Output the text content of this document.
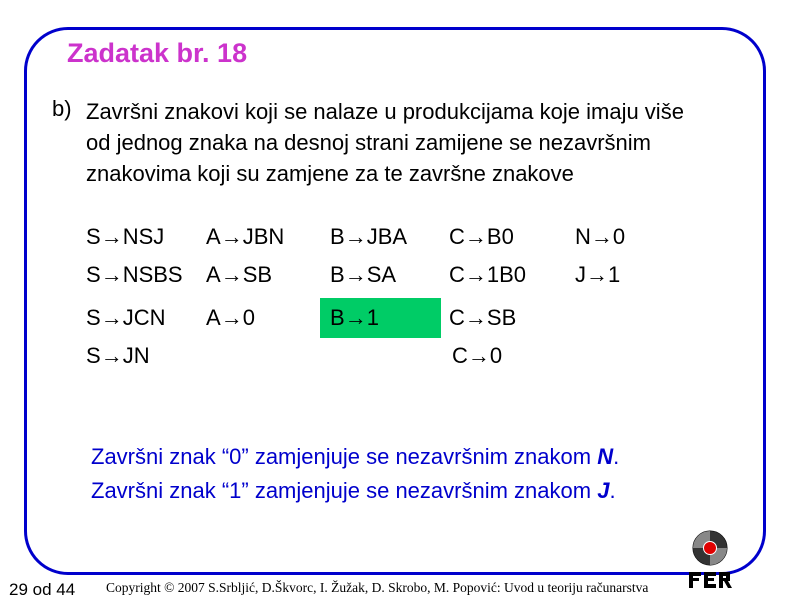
Zadatak br. 18
b) Završni znakovi koji se nalaze u produkcijama koje imaju više
od jednog znaka na desnoj strani zamijene se nezavršnim
znakovima koji su zamjene za te završne znakove
S→NSJ
S→NSBS
S→JCN
S→JN
A→JBN
A→SB
A→0
B→JBA
B→SA
B→1
C→B0
C→1B0
C→SB
C→0
N→0
J→1
Završni znak “0” zamjenjuje se nezavršnim znakom N.
Završni znak “1” zamjenjuje se nezavršnim znakom J.
29 od 44 Copyright © 2007 S.Srbljić, D.Škvorc, I. Žužak, D. Skrobo, M. Popović: Uvod u teoriju računarstva
